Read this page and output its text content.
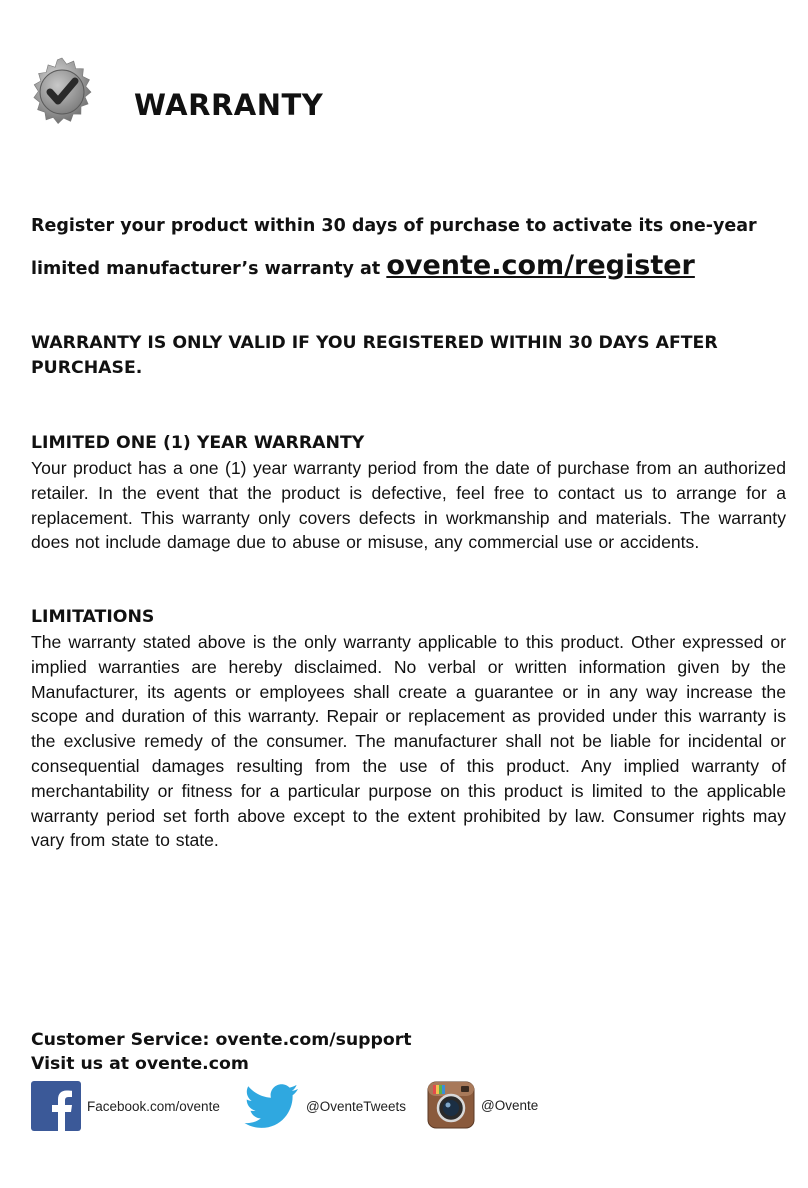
WARRANTY
Register your product within 30 days of purchase to activate its one-year
limited manufacturer’s warranty at ovente.com/register

WARRANTY IS ONLY VALID IF YOU REGISTERED WITHIN 30 DAYS AFTER PURCHASE.

LIMITED ONE (1) YEAR WARRANTY

Your product has a one (1) year warranty period from the date of purchase from an authorized retailer. In the event that the product is defective, feel free to contact us to arrange for a replacement. This warranty only covers defects in workmanship and materials. The warranty does not include damage due to abuse or misuse, any commercial use or accidents.

LIMITATIONS

The warranty stated above is the only warranty applicable to this product. Other expressed or implied warranties are hereby disclaimed. No verbal or written information given by the Manufacturer, its agents or employees shall create a guarantee or in any way increase the scope and duration of this warranty. Repair or replacement as provided under this warranty is the exclusive remedy of the consumer. The manufacturer shall not be liable for incidental or consequential damages resulting from the use of this product. Any implied warranty of merchantability or fitness for a particular purpose on this product is limited to the applicable warranty period set forth above except to the extent prohibited by law. Consumer rights may vary from state to state.

Customer Service: ovente.com/support
Visit us at ovente.com
Facebook.com/ovente	@OventeTweets	@Ovente
